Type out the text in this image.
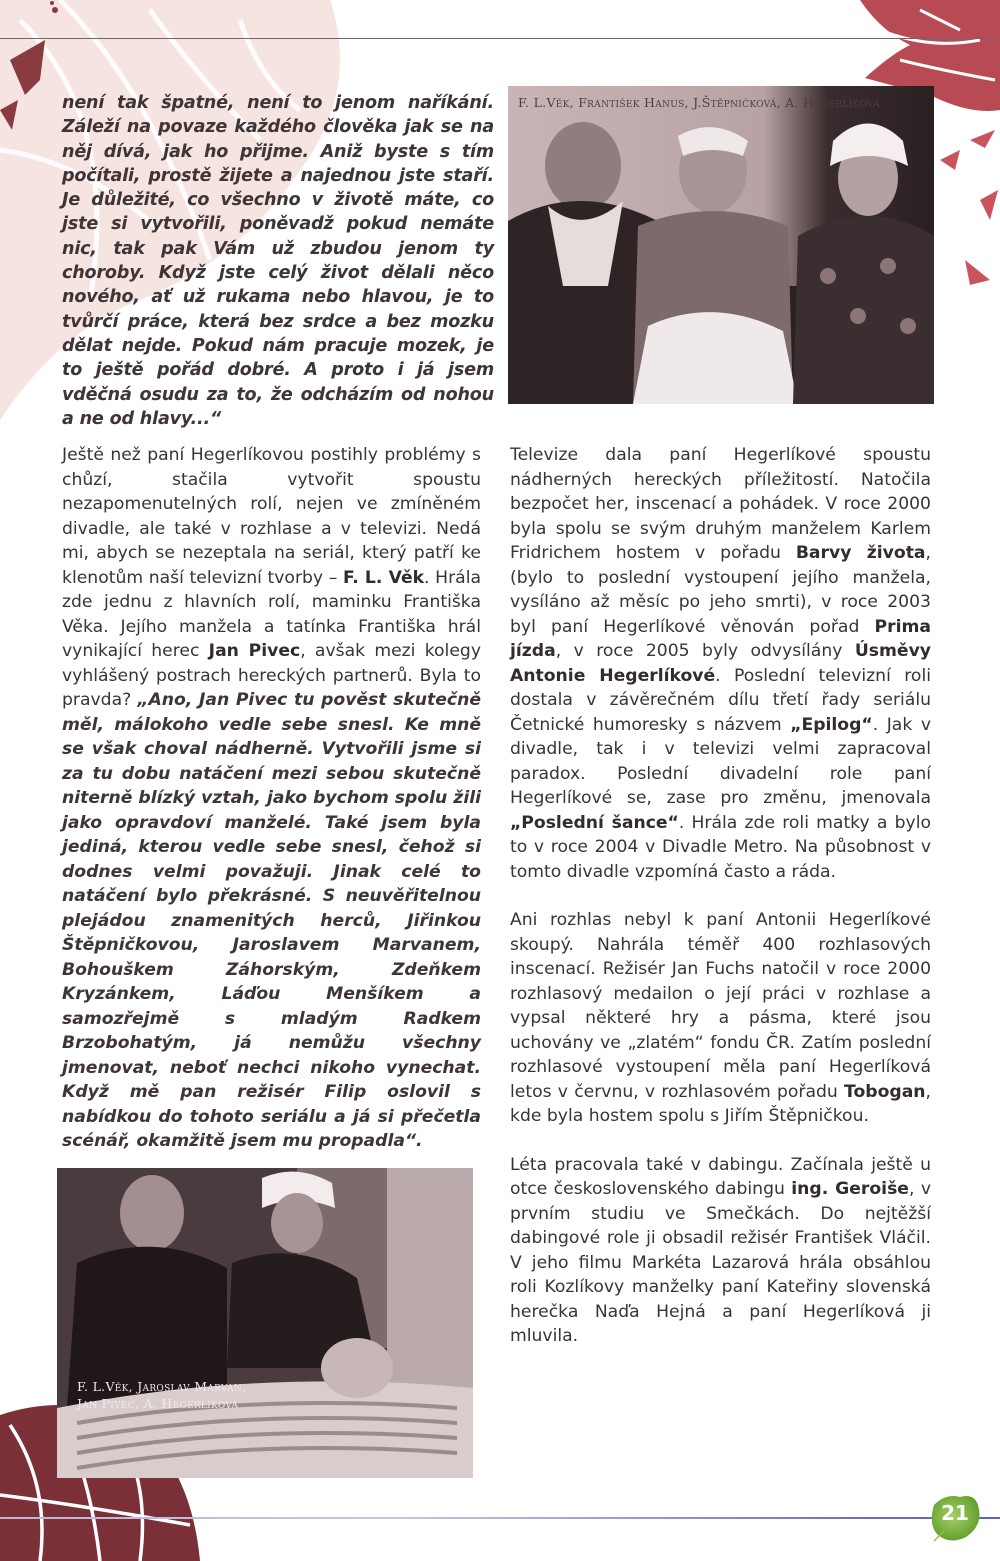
není tak špatné, není to jenom naříkání. Záleží na povaze každého člověka jak se na něj dívá, jak ho přijme. Aniž byste s tím počítali, prostě žijete a najednou jste staří. Je důležité, co všechno v životě máte, co jste si vytvořili, poněvadž pokud nemáte nic, tak pak Vám už zbudou jenom ty choroby. Když jste celý život dělali něco nového, ať už rukama nebo hlavou, je to tvůrčí práce, která bez srdce a bez mozku dělat nejde. Pokud nám pracuje mozek, je to ještě pořád dobré. A proto i já jsem vděčná osudu za to, že odcházím od nohou a ne od hlavy...“
F. L.Věk, František Hanus, J.Štěpničková, A. Hegerlíková
F. L.Věk, Jaroslav Marvan,
Jan Pivec, A. Hegerlíková

Ještě než paní Hegerlíkovou postihly problémy s chůzí, stačila vytvořit spoustu nezapomenutelných rolí, nejen ve zmíněném divadle, ale také v rozhlase a v televizi. Nedá mi, abych se nezeptala na seriál, který patří ke klenotům naší televizní tvorby – F. L. Věk. Hrála zde jednu z hlavních rolí, maminku Františka Věka. Jejího manžela a tatínka Františka hrál vynikající herec Jan Pivec, avšak mezi kolegy vyhlášený postrach hereckých partnerů. Byla to pravda? „Ano, Jan Pivec tu pověst skutečně měl, málokoho vedle sebe snesl. Ke mně se však choval nádherně. Vytvořili jsme si za tu dobu natáčení mezi sebou skutečně niterně blízký vztah, jako bychom spolu žili jako opravdoví manželé. Také jsem byla jediná, kterou vedle sebe snesl, čehož si dodnes velmi považuji. Jinak celé to natáčení bylo překrásné. S neuvěřitelnou plejádou znamenitých herců, Jiřinkou Štěpničkovou, Jaroslavem Marvanem, Bohouškem Záhorským, Zdeňkem Kryzánkem, Láďou Menšíkem a samozřejmě s mladým Radkem Brzobohatým, já nemůžu všechny jmenovat, neboť nechci nikoho vynechat. Když mě pan režisér Filip oslovil s nabídkou do tohoto seriálu a já si přečetla scénář, okamžitě jsem mu propadla“.

Televize dala paní Hegerlíkové spoustu nádherných hereckých příležitostí. Natočila bezpočet her, inscenací a pohádek. V roce 2000 byla spolu se svým druhým manželem Karlem Fridrichem hostem v pořadu Barvy života, (bylo to poslední vystoupení jejího manžela, vysíláno až měsíc po jeho smrti), v roce 2003 byl paní Hegerlíkové věnován pořad Prima jízda, v roce 2005 byly odvysílány Úsměvy Antonie Hegerlíkové. Poslední televizní roli dostala v závěrečném dílu třetí řady seriálu Četnické humoresky s názvem „Epilog“. Jak v divadle, tak i v televizi velmi zapracoval paradox. Poslední divadelní role paní Hegerlíkové se, zase pro změnu, jmenovala „Poslední šance“. Hrála zde roli matky a bylo to v roce 2004 v Divadle Metro. Na působnost v tomto divadle vzpomíná často a ráda.

Ani rozhlas nebyl k paní Antonii Hegerlíkové skoupý. Nahrála téměř 400 rozhlasových inscenací. Režisér Jan Fuchs natočil v roce 2000 rozhlasový medailon o její práci v rozhlase a vypsal některé hry a pásma, které jsou uchovány ve „zlatém“ fondu ČR. Zatím poslední rozhlasové vystoupení měla paní Hegerlíková letos v červnu, v rozhlasovém pořadu Tobogan, kde byla hostem spolu s Jiřím Štěpničkou.

Léta pracovala také v dabingu. Začínala ještě u otce československého dabingu ing. Geroiše, v prvním studiu ve Smečkách. Do nejtěžší dabingové role ji obsadil režisér František Vláčil. V jeho filmu Markéta Lazarová hrála obsáhlou roli Kozlíkovy manželky paní Kateřiny slovenská herečka Naďa Hejná a paní Hegerlíková ji mluvila.

21
